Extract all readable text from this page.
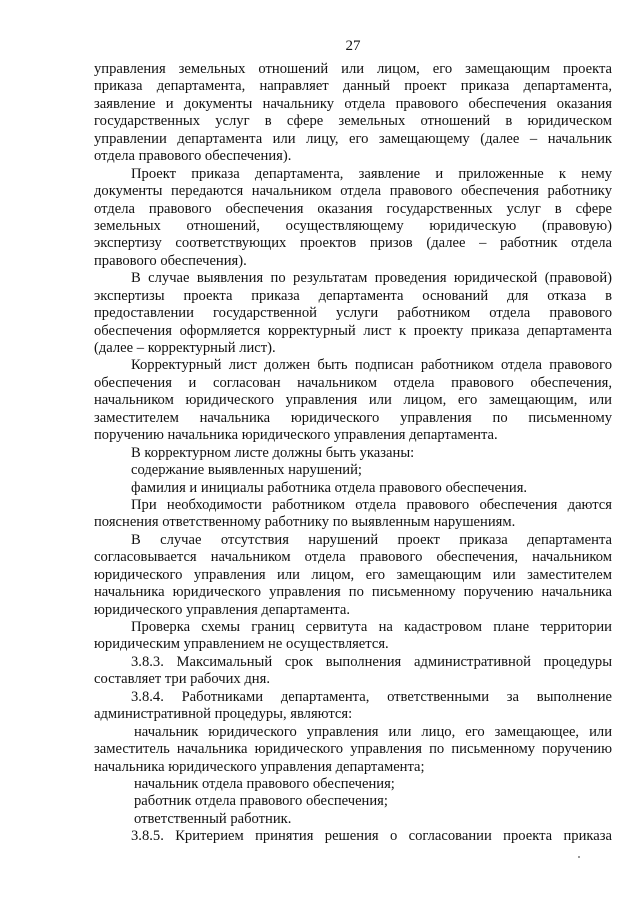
27
управления земельных отношений или лицом, его замещающим проекта
приказа департамента, направляет данный проект приказа департамента,
заявление и документы начальнику отдела правового обеспечения оказания
государственных услуг в сфере земельных отношений в юридическом
управлении департамента или лицу, его замещающему (далее – начальник
отдела правового обеспечения).
Проект приказа департамента, заявление и приложенные к нему
документы передаются начальником отдела правового обеспечения работнику
отдела правового обеспечения оказания государственных услуг в сфере
земельных отношений, осуществляющему юридическую (правовую)
экспертизу соответствующих проектов призов (далее – работник отдела
правового обеспечения).
В случае выявления по результатам проведения юридической (правовой)
экспертизы проекта приказа департамента оснований для отказа в
предоставлении государственной услуги работником отдела правового
обеспечения оформляется корректурный лист к проекту приказа департамента
(далее – корректурный лист).
Корректурный лист должен быть подписан работником отдела правового
обеспечения и согласован начальником отдела правового обеспечения,
начальником юридического управления или лицом, его замещающим, или
заместителем начальника юридического управления по письменному
поручению начальника юридического управления департамента.
В корректурном листе должны быть указаны:
содержание выявленных нарушений;
фамилия и инициалы работника отдела правового обеспечения.
При необходимости работником отдела правового обеспечения даются
пояснения ответственному работнику по выявленным нарушениям.
В случае отсутствия нарушений проект приказа департамента
согласовывается начальником отдела правового обеспечения, начальником
юридического управления или лицом, его замещающим или заместителем
начальника юридического управления по письменному поручению начальника
юридического управления департамента.
Проверка схемы границ сервитута на кадастровом плане территории
юридическим управлением не осуществляется.
3.8.3. Максимальный срок выполнения административной процедуры
составляет три рабочих дня.
3.8.4. Работниками департамента, ответственными за выполнение
административной процедуры, являются:
начальник юридического управления или лицо, его замещающее, или
заместитель начальника юридического управления по письменному поручению
начальника юридического управления департамента;
начальник отдела правового обеспечения;
работник отдела правового обеспечения;
ответственный работник.
3.8.5. Критерием принятия решения о согласовании проекта приказа
